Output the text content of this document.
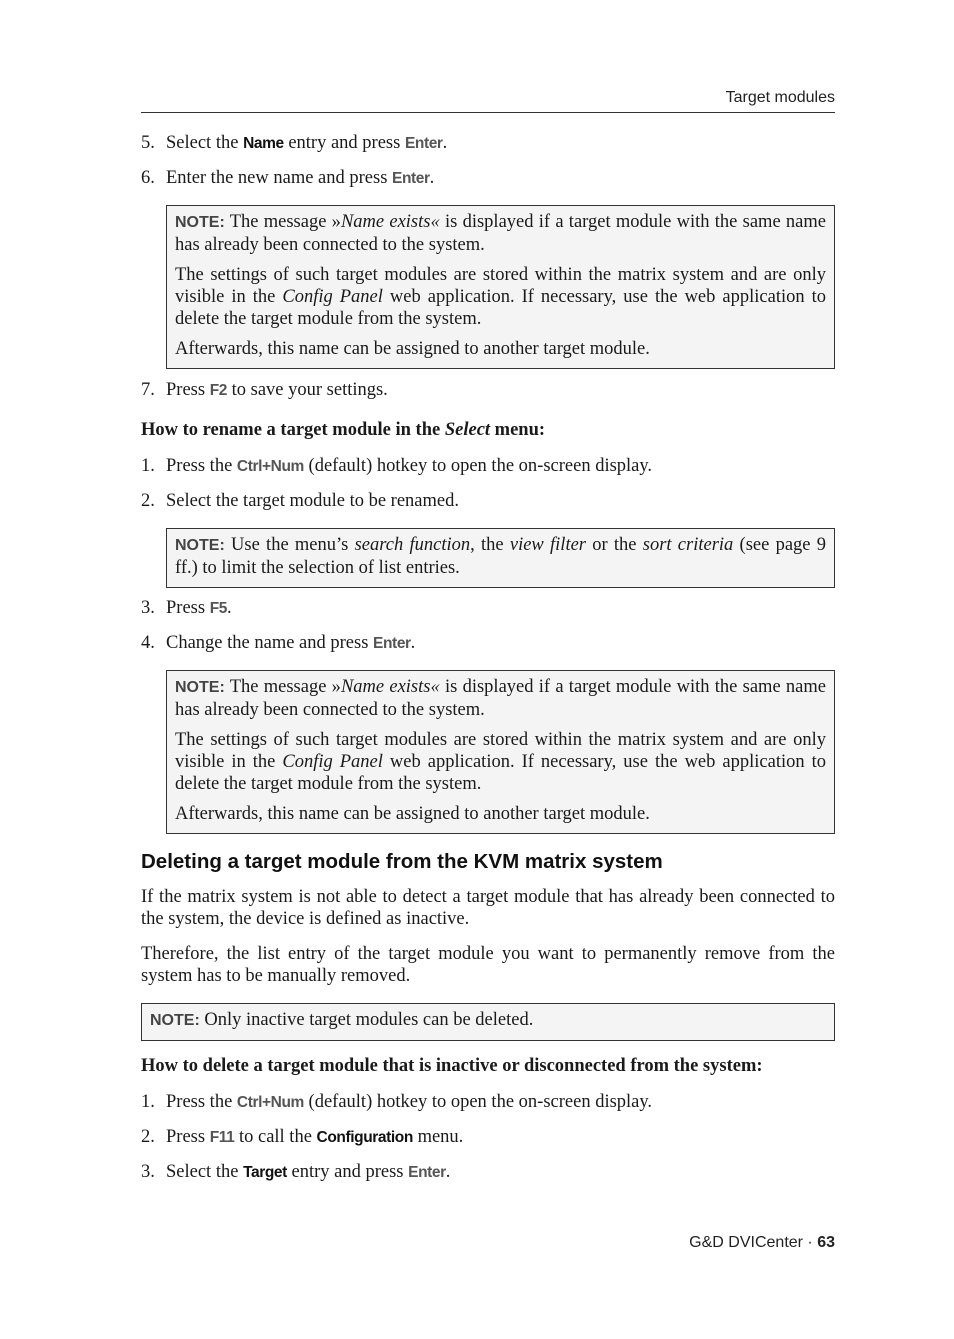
Target modules
5. Select the Name entry and press Enter.
6. Enter the new name and press Enter.

NOTE: The message »Name exists« is displayed if a target module with the same name has already been connected to the system.

The settings of such target modules are stored within the matrix system and are only visible in the Config Panel web application. If necessary, use the web application to delete the target module from the system.

Afterwards, this name can be assigned to another target module.

7. Press F2 to save your settings.
How to rename a target module in the Select menu:
1. Press the Ctrl+Num (default) hotkey to open the on-screen display.
2. Select the target module to be renamed.

NOTE: Use the menu’s search function, the view filter or the sort criteria (see page 9 ff.) to limit the selection of list entries.

3. Press F5.
4. Change the name and press Enter.

NOTE: The message »Name exists« is displayed if a target module with the same name has already been connected to the system.

The settings of such target modules are stored within the matrix system and are only visible in the Config Panel web application. If necessary, use the web application to delete the target module from the system.

Afterwards, this name can be assigned to another target module.

Deleting a target module from the KVM matrix system
If the matrix system is not able to detect a target module that has already been connected to the system, the device is defined as inactive.
Therefore, the list entry of the target module you want to permanently remove from the system has to be manually removed.

NOTE: Only inactive target modules can be deleted.

How to delete a target module that is inactive or disconnected from the system:
1. Press the Ctrl+Num (default) hotkey to open the on-screen display.
2. Press F11 to call the Configuration menu.
3. Select the Target entry and press Enter.
G&D DVICenter · 63
